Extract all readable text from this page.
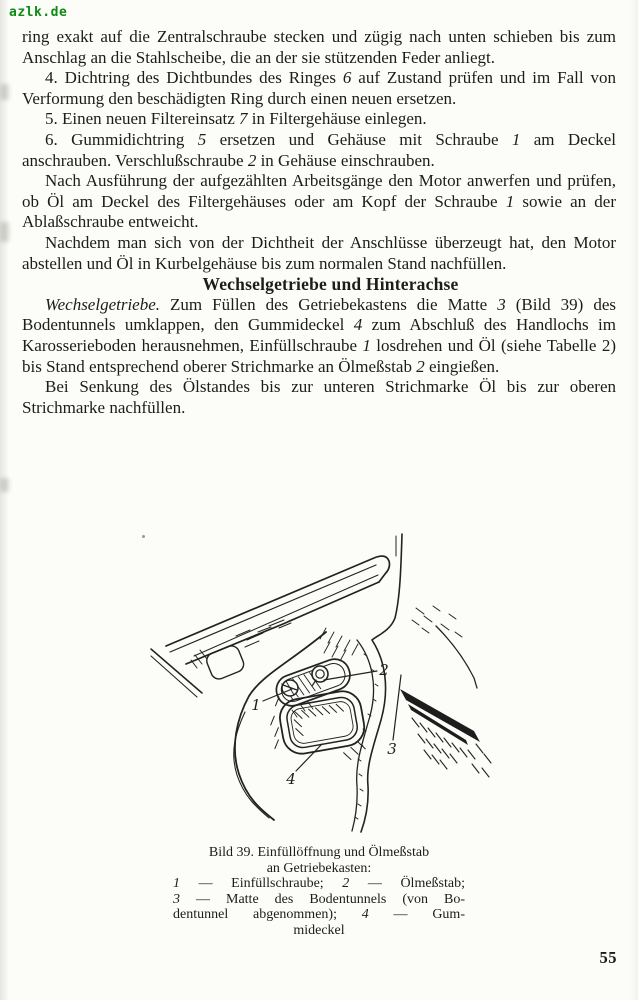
azlk.de

ring exakt auf die Zentralschraube stecken und zügig nach unten schieben bis zum Anschlag an die Stahlscheibe, die an der sie stützenden Feder anliegt.

4. Dichtring des Dichtbundes des Ringes 6 auf Zustand prüfen und im Fall von Verformung den beschädigten Ring durch einen neuen ersetzen.

5. Einen neuen Filtereinsatz 7 in Filtergehäuse einlegen.

6. Gummidichtring 5 ersetzen und Gehäuse mit Schraube 1 am Deckel anschrauben. Verschlußschraube 2 in Gehäuse einschrauben.

Nach Ausführung der aufgezählten Arbeitsgänge den Motor anwerfen und prüfen, ob Öl am Deckel des Filtergehäuses oder am Kopf der Schraube 1 sowie an der Ablaßschraube entweicht.

Nachdem man sich von der Dichtheit der Anschlüsse überzeugt hat, den Motor abstellen und Öl in Kurbelgehäuse bis zum normalen Stand nachfüllen.

Wechselgetriebe und Hinterachse

Wechselgetriebe. Zum Füllen des Getriebekastens die Matte 3 (Bild 39) des Bodentunnels umklappen, den Gummideckel 4 zum Abschluß des Handlochs im Karosserieboden herausnehmen, Einfüllschraube 1 losdrehen und Öl (siehe Tabelle 2) bis Stand entsprechend oberer Strichmarke an Ölmeßstab 2 eingießen.

Bei Senkung des Ölstandes bis zur unteren Strichmarke Öl bis zur oberen Strichmarke nachfüllen.

1
2
3
4
Bild 39. Einfüllöffnung und Ölmeßstab
an Getriebekasten:
1 — Einfüllschraube; 2 — Ölmeßstab;
3 — Matte des Bodentunnels (von Bo-
dentunnel abgenommen); 4 — Gum-
mideckel
55
